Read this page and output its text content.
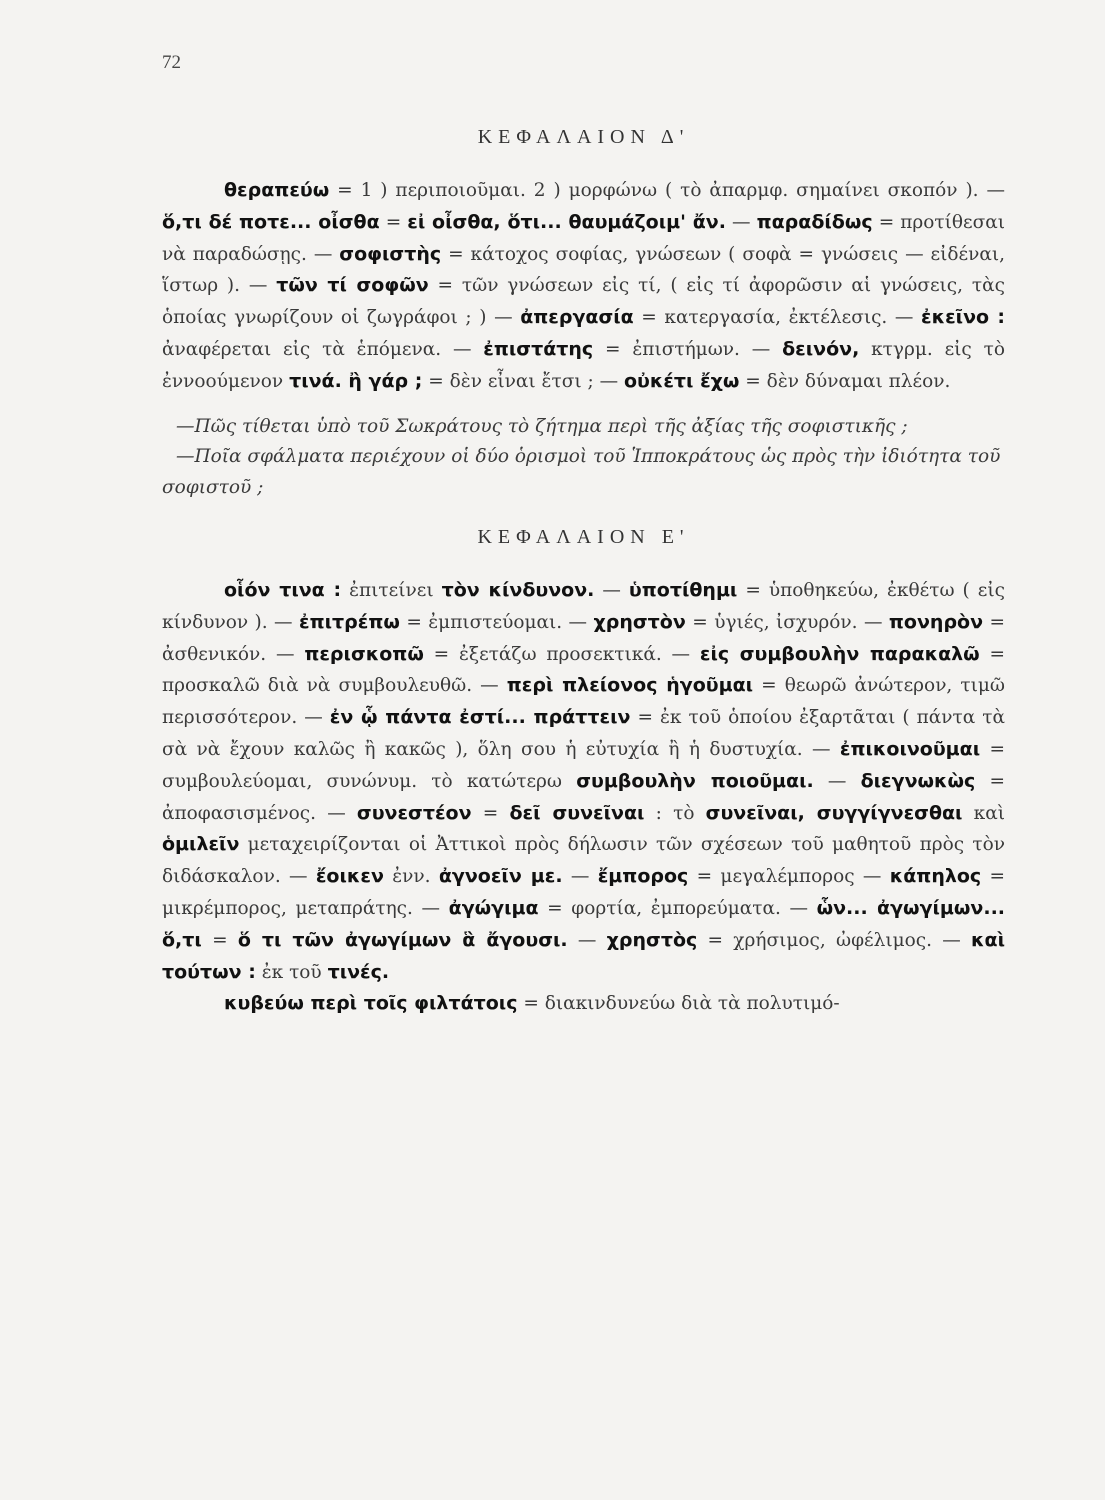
72
ΚΕΦΑΛΑΙΟΝ Δ'

θεραπεύω = 1 ) περιποιοῦμαι. 2 ) μορφώνω ( τὸ ἀπαρμφ. σημαίνει σκοπόν ). — ὅ,τι δέ ποτε... οἶσθα = εἰ οἶσθα, ὅτι... θαυμάζοιμ' ἄν. — παραδίδως = προτίθεσαι νὰ παραδώσῃς. — σοφιστὴς = κάτοχος σοφίας, γνώσεων ( σοφὰ = γνώσεις — εἰδέναι, ἵστωρ ). — τῶν τί σοφῶν = τῶν γνώσεων εἰς τί, ( εἰς τί ἀφορῶσιν αἱ γνώσεις, τὰς ὁποίας γνωρίζουν οἱ ζωγράφοι ; ) — ἀπεργασία = κατεργασία, ἐκτέλεσις. — ἐκεῖνο : ἀναφέρεται εἰς τὰ ἑπόμενα. — ἐπιστάτης = ἐπιστήμων. — δεινόν, κτγρμ. εἰς τὸ ἐννοούμενον τινά. ἢ γάρ ; = δὲν εἶναι ἔτσι ; — οὐκέτι ἔχω = δὲν δύναμαι πλέον.

—Πῶς τίθεται ὑπὸ τοῦ Σωκράτους τὸ ζήτημα περὶ τῆς ἀξίας τῆς σοφιστικῆς ;

—Ποῖα σφάλματα περιέχουν οἱ δύο ὁρισμοὶ τοῦ Ἱπποκράτους ὡς πρὸς τὴν ἰδιότητα τοῦ σοφιστοῦ ;

ΚΕΦΑΛΑΙΟΝ Ε'

οἷόν τινα : ἐπιτείνει τὸν κίνδυνον. — ὑποτίθημι = ὑποθηκεύω, ἐκθέτω ( εἰς κίνδυνον ). — ἐπιτρέπω = ἐμπιστεύομαι. — χρηστὸν = ὑγιές, ἰσχυρόν. — πονηρὸν = ἀσθενικόν. — περισκοπῶ = ἐξετάζω προσεκτικά. — εἰς συμβουλὴν παρακαλῶ = προσκαλῶ διὰ νὰ συμβουλευθῶ. — περὶ πλείονος ἡγοῦμαι = θεωρῶ ἀνώτερον, τιμῶ περισσότερον. — ἐν ᾧ πάντα ἐστί... πράττειν = ἐκ τοῦ ὁποίου ἐξαρτᾶται ( πάντα τὰ σὰ νὰ ἔχουν καλῶς ἢ κακῶς ), ὅλη σου ἡ εὐτυχία ἢ ἡ δυστυχία. — ἐπικοινοῦμαι = συμβουλεύομαι, συνώνυμ. τὸ κατώτερω συμβουλὴν ποιοῦμαι. — διεγνωκὼς = ἀποφασισμένος. — συνεστέον = δεῖ συνεῖναι : τὸ συνεῖναι, συγγίγνεσθαι καὶ ὁμιλεῖν μεταχειρίζονται οἱ Ἀττικοὶ πρὸς δήλωσιν τῶν σχέσεων τοῦ μαθητοῦ πρὸς τὸν διδάσκαλον. — ἔοικεν ἐνν. ἀγνοεῖν με. — ἔμπορος = μεγαλέμπορος — κάπηλος = μικρέμπορος, μεταπράτης. — ἀγώγιμα = φορτία, ἐμπορεύματα. — ὧν... ἀγωγίμων... ὅ,τι = ὅ τι τῶν ἀγωγίμων ἃ ἄγουσι. — χρηστὸς = χρήσιμος, ὠφέλιμος. — καὶ τούτων : ἐκ τοῦ τινές.

κυβεύω περὶ τοῖς φιλτάτοις = διακινδυνεύω διὰ τὰ πολυτιμό-
